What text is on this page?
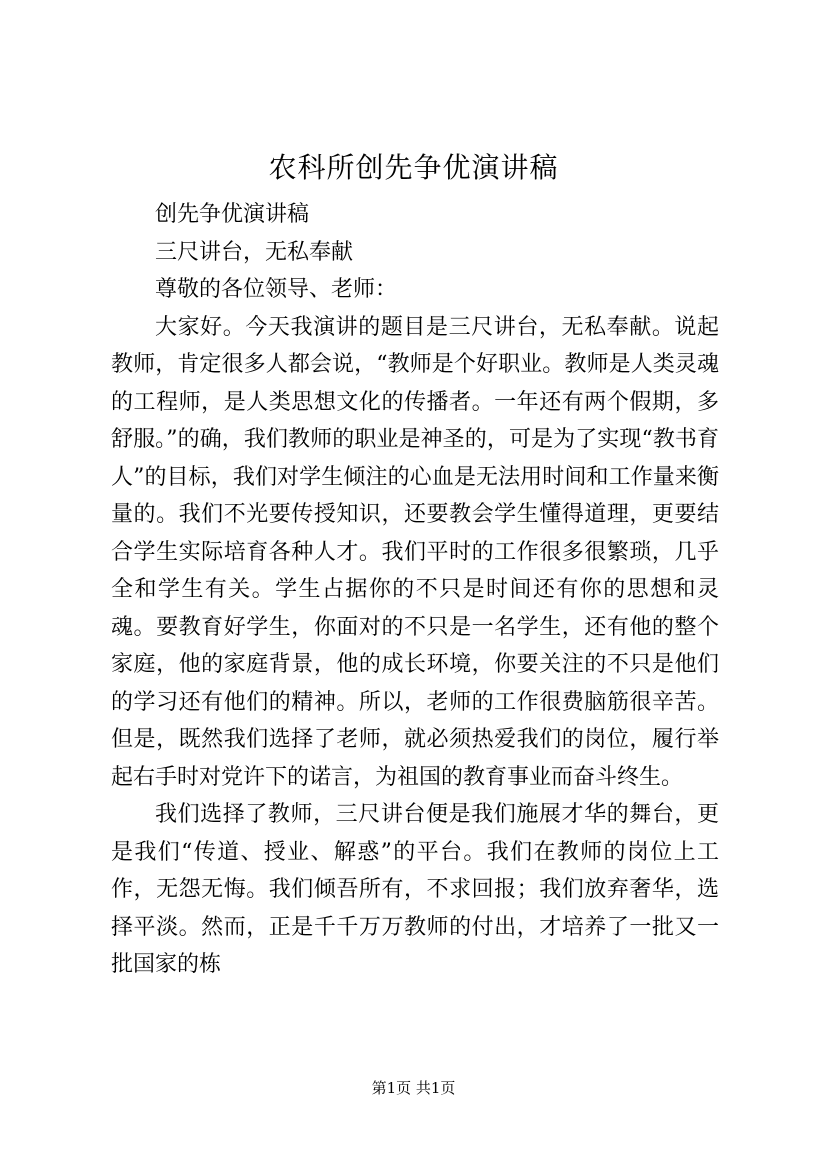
农科所创先争优演讲稿

创先争优演讲稿

三尺讲台，无私奉献

尊敬的各位领导、老师：

大家好。今天我演讲的题目是三尺讲台，无私奉献。说起教师，肯定很多人都会说，“教师是个好职业。教师是人类灵魂的工程师，是人类思想文化的传播者。一年还有两个假期，多舒服。”的确，我们教师的职业是神圣的，可是为了实现“教书育人”的目标，我们对学生倾注的心血是无法用时间和工作量来衡量的。我们不光要传授知识，还要教会学生懂得道理，更要结合学生实际培育各种人才。我们平时的工作很多很繁琐，几乎全和学生有关。学生占据你的不只是时间还有你的思想和灵魂。要教育好学生，你面对的不只是一名学生，还有他的整个家庭，他的家庭背景，他的成长环境，你要关注的不只是他们的学习还有他们的精神。所以，老师的工作很费脑筋很辛苦。但是，既然我们选择了老师，就必须热爱我们的岗位，履行举起右手时对党许下的诺言，为祖国的教育事业而奋斗终生。

我们选择了教师，三尺讲台便是我们施展才华的舞台，更是我们“传道、授业、解惑”的平台。我们在教师的岗位上工作，无怨无悔。我们倾吾所有，不求回报；我们放弃奢华，选择平淡。然而，正是千千万万教师的付出，才培养了一批又一批国家的栋

第1页 共1页
